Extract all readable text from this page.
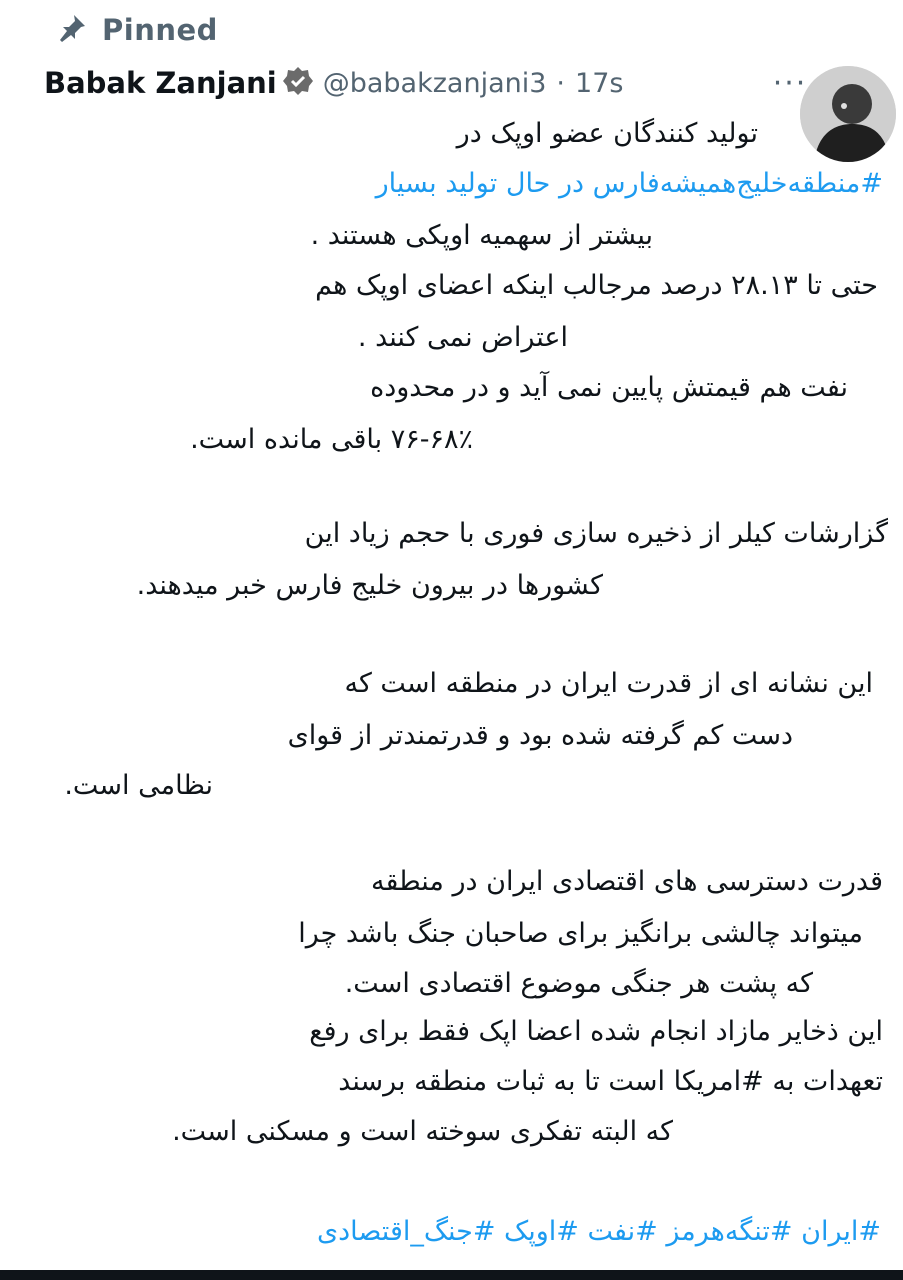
Pinned
Babak Zanjani @babakzanjani3 · 17s	···
تولید کنندگان عضو اوپک در
#منطقه‌خلیج‌همیشه‌فارس در حال تولید بسیار
بیشتر از سهمیه اوپکی هستند .
حتی تا ۲۸.۱۳ درصد مرجالب اینکه اعضای اوپک هم
اعتراض نمی کنند .
نفت هم قیمتش پایین نمی آید و در محدوده
۷۶-۶۸٪ باقی مانده است.
گزارشات کیلر از ذخیره سازی فوری با حجم زیاد این
کشورها در بیرون خلیج فارس خبر میدهند.
این نشانه ای از قدرت ایران در منطقه است که
دست کم گرفته شده بود و قدرتمندتر از قوای
نظامی است.
قدرت دسترسی های اقتصادی ایران در منطقه
میتواند چالشی برانگیز برای صاحبان جنگ باشد چرا
که پشت هر جنگی موضوع اقتصادی است.
این ذخایر مازاد انجام شده اعضا اپک فقط برای رفع
تعهدات به #امریکا است تا به ثبات منطقه برسند
که البته تفکری سوخته است و مسکنی است.
#ایران #تنگه‌هرمز #نفت #اوپک #جنگ_اقتصادی
